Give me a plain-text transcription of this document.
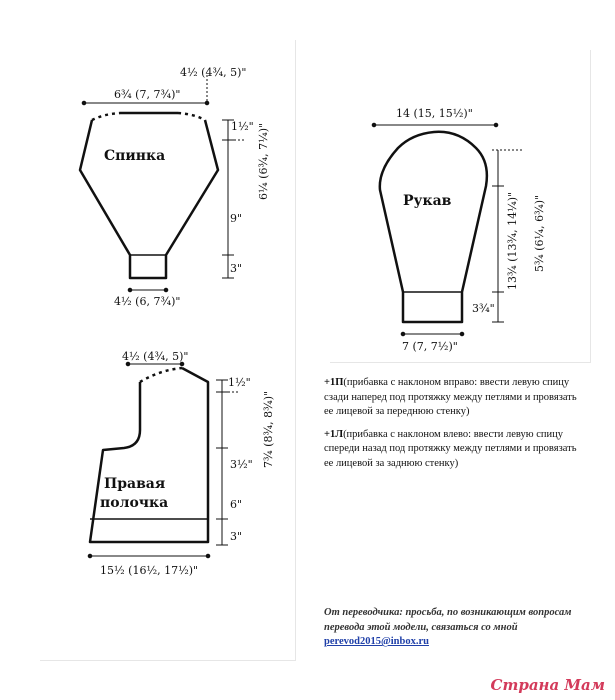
Спинка
4½ (4¾, 5)"
6¾ (7, 7¾)"
1½" 6¼ (6¾, 7¼)"
9"
3"
4½ (6, 7¾)"
Правая
полочка
4½ (4¾, 5)"
1½"
7¾ (8¾, 8¾)"
3½"
6"
3"
15½ (16½, 17½)"
Рукав
14 (15, 15½)"
5¾ (6¼, 6¾)"
13¾ (13¾, 14¼)"
3¾"
7 (7, 7½)"

+1П(прибавка с наклоном вправо: ввести левую спицу сзади наперед под протяжку между петлями и провязать ее лицевой за переднюю стенку)

+1Л(прибавка с наклоном влево: ввести левую спицу спереди назад под протяжку между петлями и провязать ее лицевой за заднюю стенку)

От переводчика: просьба, по возникающим вопросам перевода этой модели, связаться со мной perevod2015@inbox.ru
Страна Мам
